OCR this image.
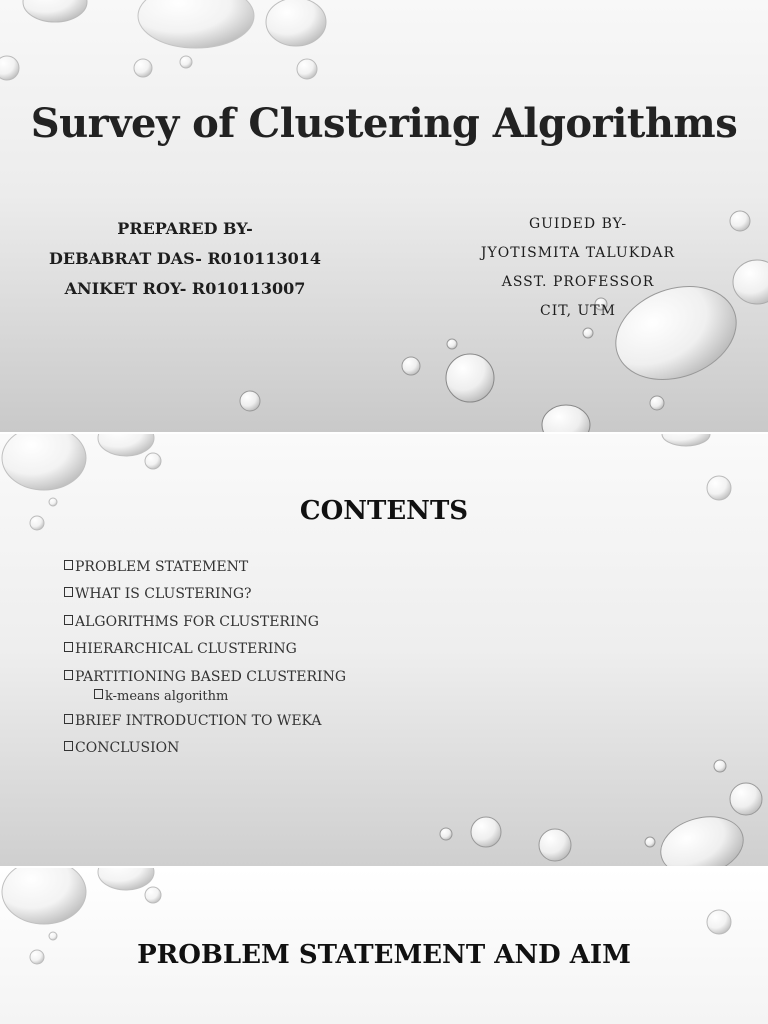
Survey of Clustering Algorithms
PREPARED BY-
DEBABRAT DAS- R010113014
ANIKET ROY- R010113007
GUIDED BY-
JYOTISMITA TALUKDAR
ASST. PROFESSOR
CIT, UTM
CONTENTS
PROBLEM STATEMENT
WHAT IS CLUSTERING?
ALGORITHMS FOR CLUSTERING
HIERARCHICAL CLUSTERING
PARTITIONING BASED CLUSTERING
k-means algorithm
BRIEF INTRODUCTION TO WEKA
CONCLUSION
PROBLEM STATEMENT AND AIM
